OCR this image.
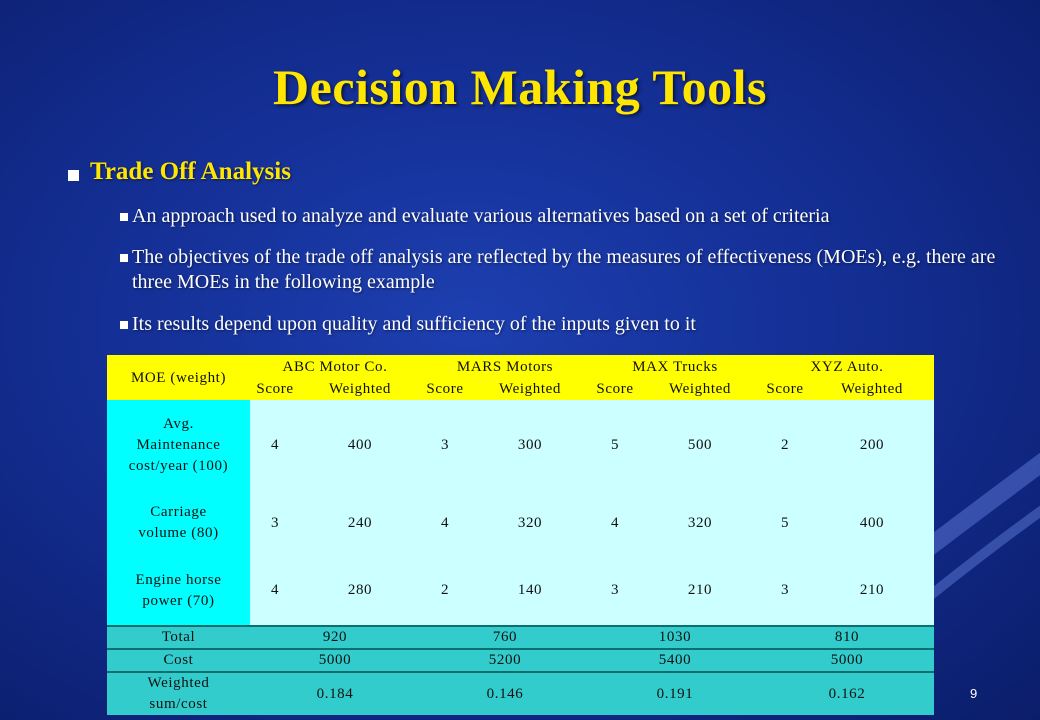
Decision Making Tools
Trade Off Analysis
An approach used to analyze and evaluate various alternatives based on a set of criteria
The objectives of the trade off analysis are reflected by the measures of effectiveness (MOEs), e.g. there are three MOEs in the following example
Its results depend upon quality and sufficiency of the inputs given to it
MOE (weight)	ABC Motor Co.		MARS Motors		MAX Trucks		XYZ Auto.	
	Score	Weighted	Score	Weighted	Score	Weighted	Score	Weighted
Avg. Maintenance cost/year (100)	4	400	3	300	5	500	2	200
Carriage volume (80)	3	240	4	320	4	320	5	400
Engine horse power (70)	4	280	2	140	3	210	3	210
Total	920		760		1030		810	
Cost	5000		5200		5400		5000	
Weighted sum/cost	0.184		0.146		0.191		0.162		9
